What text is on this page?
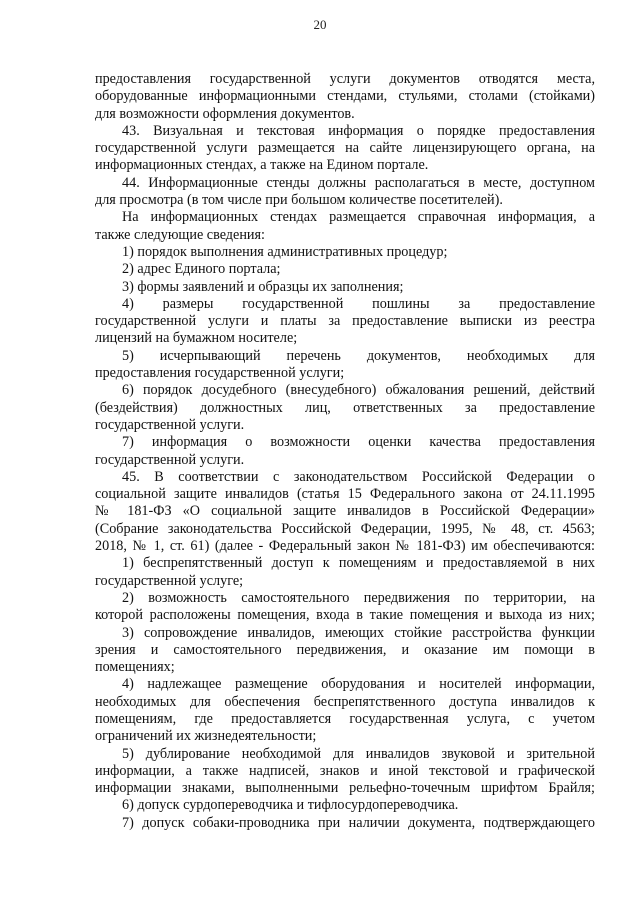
20
предоставления государственной услуги документов отводятся места,
оборудованные информационными стендами, стульями, столами (стойками)
для возможности оформления документов.
43. Визуальная и текстовая информация о порядке предоставления
государственной услуги размещается на сайте лицензирующего органа, на
информационных стендах, а также на Едином портале.
44. Информационные стенды должны располагаться в месте, доступном
для просмотра (в том числе при большом количестве посетителей).
На информационных стендах размещается справочная информация, а
также следующие сведения:
1) порядок выполнения административных процедур;
2) адрес Единого портала;
3) формы заявлений и образцы их заполнения;
4) размеры государственной пошлины за предоставление
государственной услуги и платы за предоставление выписки из реестра
лицензий на бумажном носителе;
5) исчерпывающий перечень документов, необходимых для
предоставления государственной услуги;
6) порядок досудебного (внесудебного) обжалования решений, действий
(бездействия) должностных лиц, ответственных за предоставление
государственной услуги.
7) информация о возможности оценки качества предоставления
государственной услуги.
45. В соответствии с законодательством Российской Федерации о
социальной защите инвалидов (статья 15 Федерального закона от 24.11.1995
№ 181-ФЗ «О социальной защите инвалидов в Российской Федерации»
(Собрание законодательства Российской Федерации, 1995, № 48, ст. 4563;
2018, № 1, ст. 61) (далее - Федеральный закон № 181-ФЗ) им обеспечиваются:
1) беспрепятственный доступ к помещениям и предоставляемой в них
государственной услуге;
2) возможность самостоятельного передвижения по территории, на
которой расположены помещения, входа в такие помещения и выхода из них;
3) сопровождение инвалидов, имеющих стойкие расстройства функции
зрения и самостоятельного передвижения, и оказание им помощи в
помещениях;
4) надлежащее размещение оборудования и носителей информации,
необходимых для обеспечения беспрепятственного доступа инвалидов к
помещениям, где предоставляется государственная услуга, с учетом
ограничений их жизнедеятельности;
5) дублирование необходимой для инвалидов звуковой и зрительной
информации, а также надписей, знаков и иной текстовой и графической
информации знаками, выполненными рельефно-точечным шрифтом Брайля;
6) допуск сурдопереводчика и тифлосурдопереводчика.
7) допуск собаки-проводника при наличии документа, подтверждающего
